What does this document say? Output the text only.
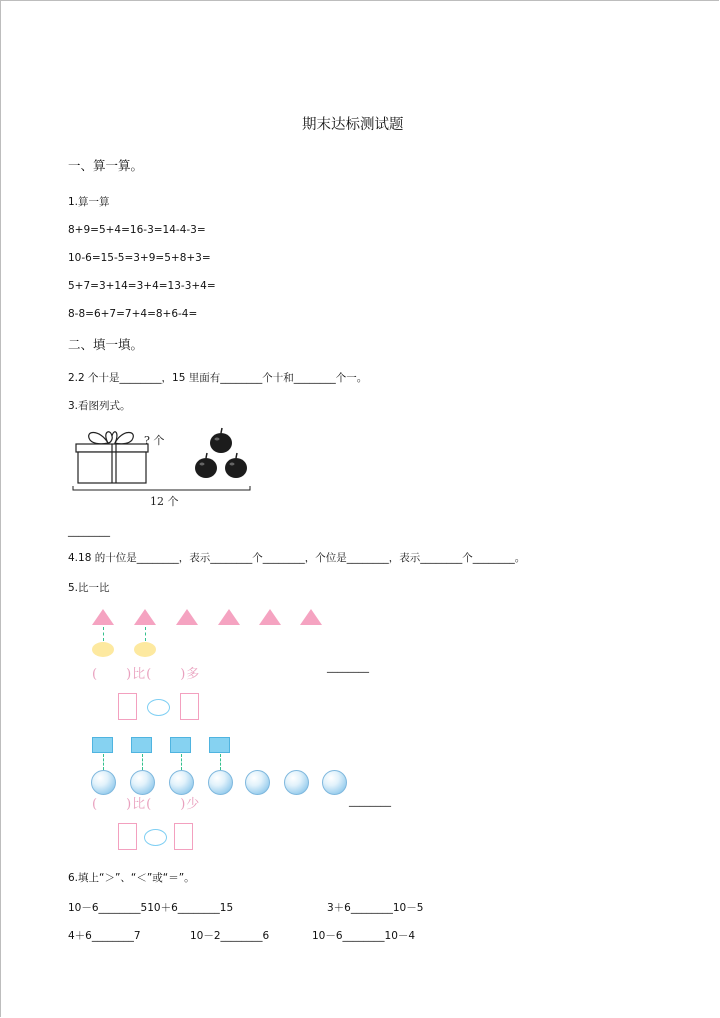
期末达标测试题
一、算一算。
1.算一算
8+9=5+4=16-3=14-4-3=
10-6=15-5=3+9=5+8+3=
5+7=3+14=3+4=13-3+4=
8-8=6+7=7+4=8+6-4=
二、填一填。
2.2 个十是________，15 里面有________个十和________个一。
3.看图列式。
? 个
12 个
________
4.18 的十位是________，表示________个________，个位是________，表示________个________。
5.比一比
(　　)比(　　)多	________
(　　)比(　　)少	________
6.填上“＞”、“＜”或“＝”。
10－6________510＋6________15	3＋6________10－5
4＋6________7	10－2________6	10－6________10－4
